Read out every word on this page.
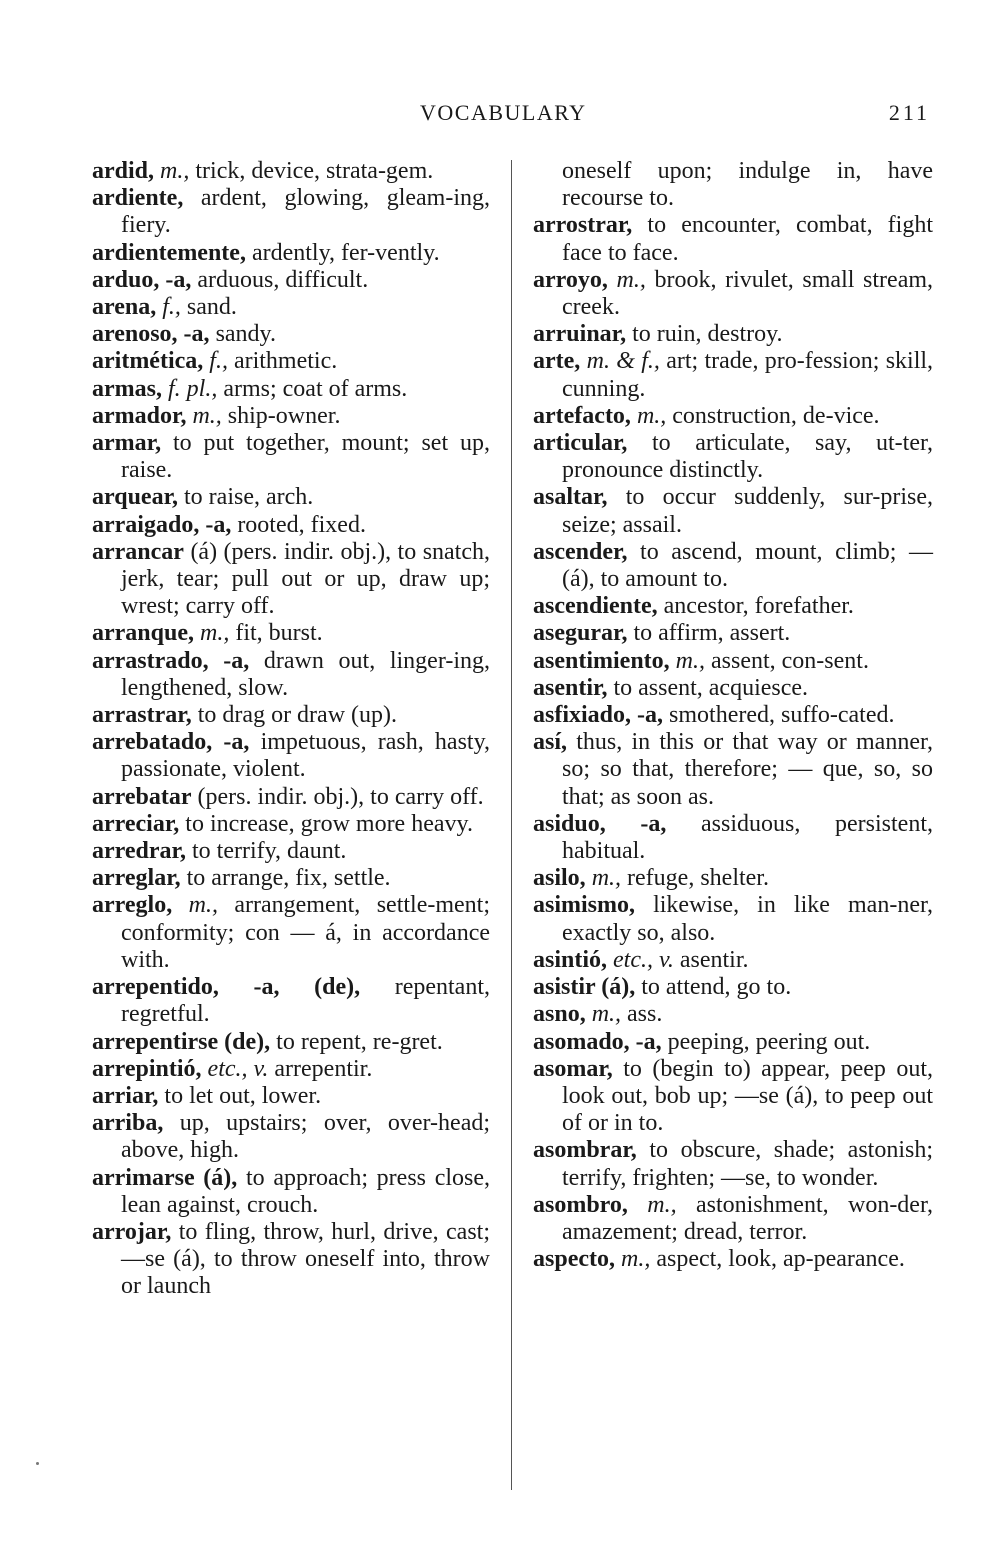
VOCABULARY	211

ardid, m., trick, device, strata-gem.

ardiente, ardent, glowing, gleam-ing, fiery.

ardientemente, ardently, fer-vently.

arduo, -a, arduous, difficult.

arena, f., sand.

arenoso, -a, sandy.

aritmética, f., arithmetic.

armas, f. pl., arms; coat of arms.

armador, m., ship-owner.

armar, to put together, mount; set up, raise.

arquear, to raise, arch.

arraigado, -a, rooted, fixed.

arrancar (á) (pers. indir. obj.), to snatch, jerk, tear; pull out or up, draw up; wrest; carry off.

arranque, m., fit, burst.

arrastrado, -a, drawn out, linger-ing, lengthened, slow.

arrastrar, to drag or draw (up).

arrebatado, -a, impetuous, rash, hasty, passionate, violent.

arrebatar (pers. indir. obj.), to carry off.

arreciar, to increase, grow more heavy.

arredrar, to terrify, daunt.

arreglar, to arrange, fix, settle.

arreglo, m., arrangement, settle-ment; conformity; con — á, in accordance with.

arrepentido, -a, (de), repentant, regretful.

arrepentirse (de), to repent, re-gret.

arrepintió, etc., v. arrepentir.

arriar, to let out, lower.

arriba, up, upstairs; over, over-head; above, high.

arrimarse (á), to approach; press close, lean against, crouch.

arrojar, to fling, throw, hurl, drive, cast; —se (á), to throw oneself into, throw or launch

oneself upon; indulge in, have recourse to.

arrostrar, to encounter, combat, fight face to face.

arroyo, m., brook, rivulet, small stream, creek.

arruinar, to ruin, destroy.

arte, m. & f., art; trade, pro-fession; skill, cunning.

artefacto, m., construction, de-vice.

articular, to articulate, say, ut-ter, pronounce distinctly.

asaltar, to occur suddenly, sur-prise, seize; assail.

ascender, to ascend, mount, climb; — (á), to amount to.

ascendiente, ancestor, forefather.

asegurar, to affirm, assert.

asentimiento, m., assent, con-sent.

asentir, to assent, acquiesce.

asfixiado, -a, smothered, suffo-cated.

así, thus, in this or that way or manner, so; so that, therefore; — que, so, so that; as soon as.

asiduo, -a, assiduous, persistent, habitual.

asilo, m., refuge, shelter.

asimismo, likewise, in like man-ner, exactly so, also.

asintió, etc., v. asentir.

asistir (á), to attend, go to.

asno, m., ass.

asomado, -a, peeping, peering out.

asomar, to (begin to) appear, peep out, look out, bob up; —se (á), to peep out of or in to.

asombrar, to obscure, shade; astonish; terrify, frighten; —se, to wonder.

asombro, m., astonishment, won-der, amazement; dread, terror.

aspecto, m., aspect, look, ap-pearance.
